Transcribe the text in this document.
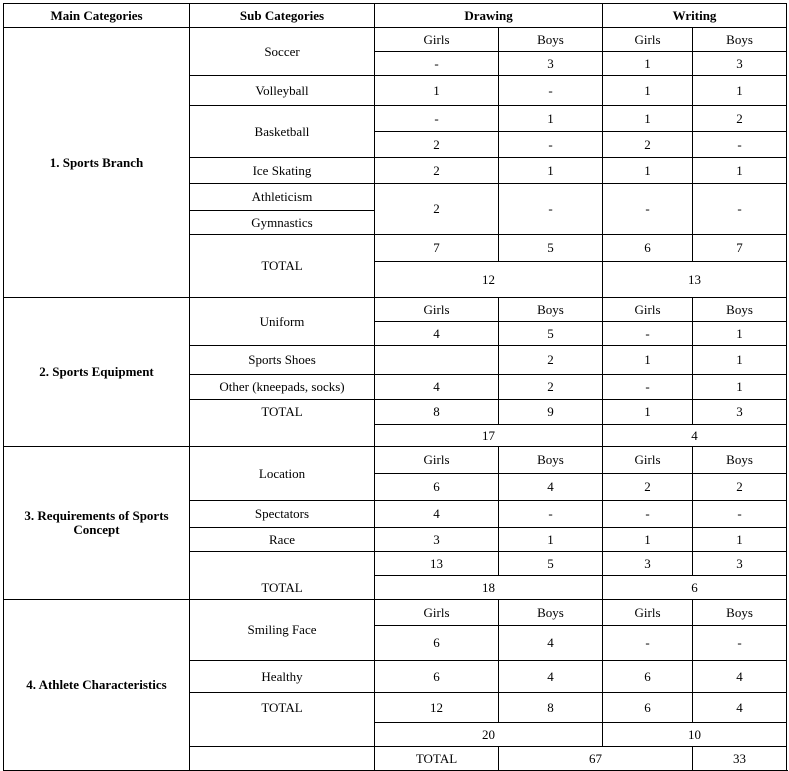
Main Categories	Sub Categories	Drawing		Writing	
1. Sports Branch	Soccer	Girls	Boys	Girls	Boys
		-	3	1	3
	Volleyball	1	-	1	1

	Basketball	-	1	1	2
		2	-	2	-
	Ice Skating	2	1	1	1

	Athleticism	2	-	-	-
	Gymnastics				
	TOTAL	7	5	6	7
		12		13	
2. Sports Equipment	Uniform	Girls	Boys	Girls	Boys
		4	5	-	1
	Sports Shoes		2	1	1
	Other (kneepads, socks)	4	2	-	1
	TOTAL	8	9	1	3
		17		4	
3. Requirements of Sports Concept	Location	Girls	Boys	Girls	Boys
		6	4	2	2
	Spectators	4	-	-	-
	Race	3	1	1	1
	TOTAL	13	5	3	3
		18		6	
4. Athlete Characteristics	Smiling Face	Girls	Boys	Girls	Boys
		6	4	-	-
	Healthy	6	4	6	4
	TOTAL	12	8	6	4
		20		10	
		TOTAL	67		33
